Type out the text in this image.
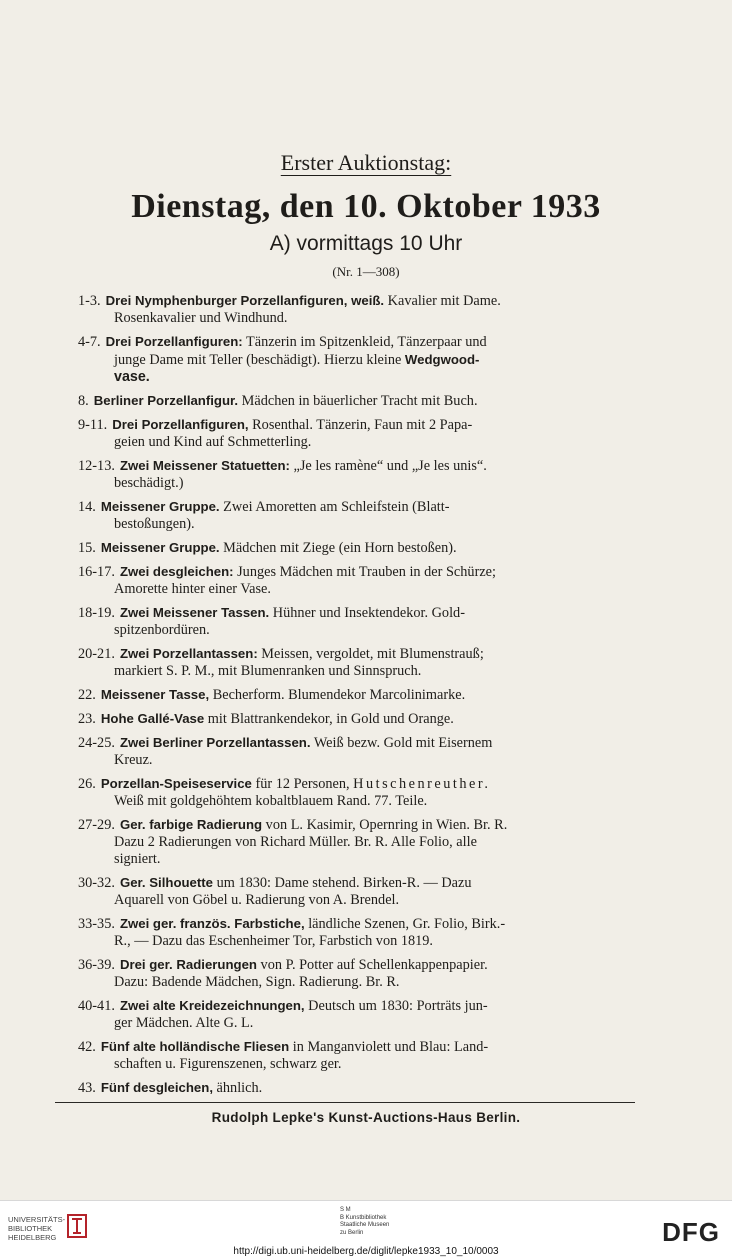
Erster Auktionstag:
Dienstag, den 10. Oktober 1933
A) vormittags 10 Uhr
(Nr. 1—308)
1-3. Drei Nymphenburger Porzellanfiguren, weiß. Kavalier mit Dame.
Rosenkavalier und Windhund.
4-7. Drei Porzellanfiguren: Tänzerin im Spitzenkleid, Tänzerpaar und
junge Dame mit Teller (beschädigt). Hierzu kleine Wedgwood-
vase.
8. Berliner Porzellanfigur. Mädchen in bäuerlicher Tracht mit Buch.
9-11. Drei Porzellanfiguren, Rosenthal. Tänzerin, Faun mit 2 Papa-
geien und Kind auf Schmetterling.
12-13. Zwei Meissener Statuetten: „Je les ramène“ und „Je les unis“.
beschädigt.)
14. Meissener Gruppe. Zwei Amoretten am Schleifstein (Blatt-
bestoßungen).
15. Meissener Gruppe. Mädchen mit Ziege (ein Horn bestoßen).
16-17. Zwei desgleichen: Junges Mädchen mit Trauben in der Schürze;
Amorette hinter einer Vase.
18-19. Zwei Meissener Tassen. Hühner und Insektendekor. Gold-
spitzenbordüren.
20-21. Zwei Porzellantassen: Meissen, vergoldet, mit Blumenstrauß;
markiert S. P. M., mit Blumenranken und Sinnspruch.
22. Meissener Tasse, Becherform. Blumendekor Marcolinimarke.
23. Hohe Gallé-Vase mit Blattrankendekor, in Gold und Orange.
24-25. Zwei Berliner Porzellantassen. Weiß bezw. Gold mit Eisernem
Kreuz.
26. Porzellan-Speiseservice für 12 Personen, Hutschenreuther.
Weiß mit goldgehöhtem kobaltblauem Rand. 77. Teile.
27-29. Ger. farbige Radierung von L. Kasimir, Opernring in Wien. Br. R.
Dazu 2 Radierungen von Richard Müller. Br. R. Alle Folio, alle
signiert.
30-32. Ger. Silhouette um 1830: Dame stehend. Birken-R. — Dazu
Aquarell von Göbel u. Radierung von A. Brendel.
33-35. Zwei ger. französ. Farbstiche, ländliche Szenen, Gr. Folio, Birk.-
R., — Dazu das Eschenheimer Tor, Farbstich von 1819.
36-39. Drei ger. Radierungen von P. Potter auf Schellenkappenpapier.
Dazu: Badende Mädchen, Sign. Radierung. Br. R.
40-41. Zwei alte Kreidezeichnungen, Deutsch um 1830: Porträts jun-
ger Mädchen. Alte G. L.
42. Fünf alte holländische Fliesen in Manganviolett und Blau: Land-
schaften u. Figurenszenen, schwarz ger.
43. Fünf desgleichen, ähnlich.
Rudolph Lepke's Kunst-Auctions-Haus Berlin.
UNIVERSITÄTS-
BIBLIOTHEK
HEIDELBERG
S M
B Kunstbibliothek
Staatliche Museen
zu Berlin	DFG
http://digi.ub.uni-heidelberg.de/diglit/lepke1933_10_10/0003
